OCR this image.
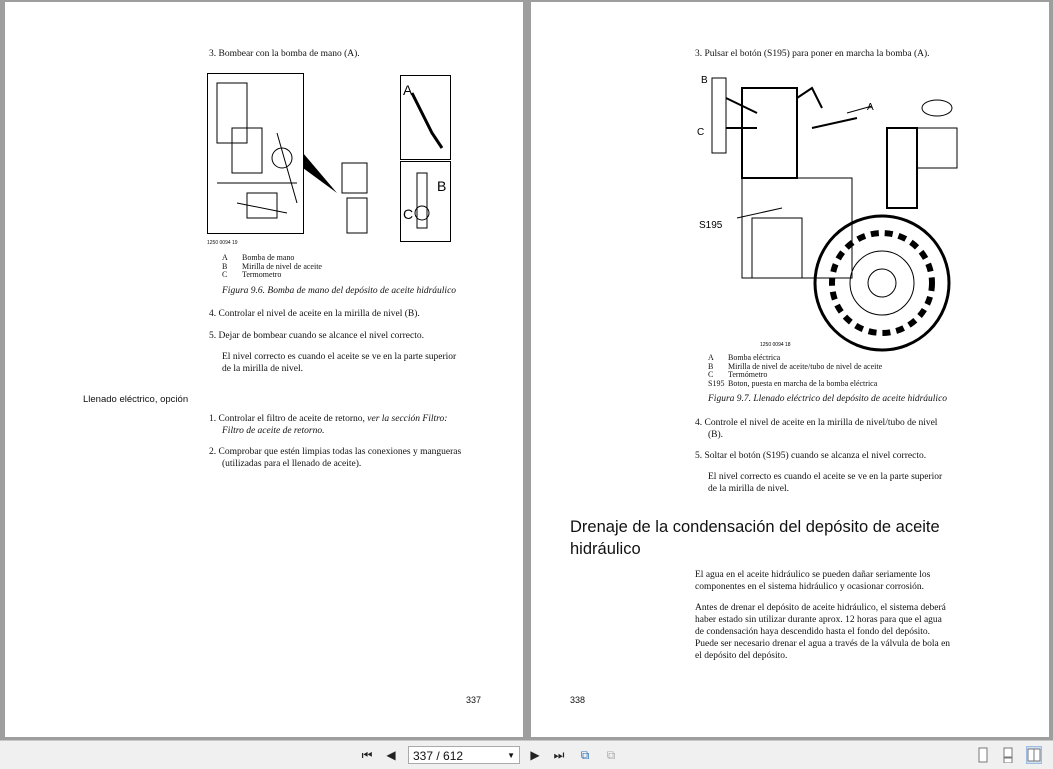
3. Bombear con la bomba de mano (A).
A
B
C
1250 0094 19
A Bomba de mano
B Mirilla de nivel de aceite
C Termometro
Figura 9.6. Bomba de mano del depósito de aceite hidráulico
4. Controlar el nivel de aceite en la mirilla de nivel (B).
5. Dejar de bombear cuando se alcance el nivel correcto.
El nivel correcto es cuando el aceite se ve en la parte superior
de la mirilla de nivel.
Llenado eléctrico, opción
1. Controlar el filtro de aceite de retorno, ver la sección Filtro:
Filtro de aceite de retorno.
2. Comprobar que estén limpias todas las conexiones y mangueras
(utilizadas para el llenado de aceite).
337
3. Pulsar el botón (S195) para poner en marcha la bomba (A).
B
C
A
S195
1250 0094 18
A Bomba eléctrica
B Mirilla de nivel de aceite/tubo de nivel de aceite
C Termómetro
S195 Boton, puesta en marcha de la bomba eléctrica
Figura 9.7. Llenado eléctrico del depósito de aceite hidráulico
4. Controle el nivel de aceite en la mirilla de nivel/tubo de nivel
(B).
5. Soltar el botón (S195) cuando se alcanza el nivel correcto.
El nivel correcto es cuando el aceite se ve en la parte superior
de la mirilla de nivel.
Drenaje de la condensación del depósito de aceite
hidráulico
El agua en el aceite hidráulico se pueden dañar seriamente los
componentes en el sistema hidráulico y ocasionar corrosión.
Antes de drenar el depósito de aceite hidráulico, el sistema deberá
haber estado sin utilizar durante aprox. 12 horas para que el agua
de condensación haya descendido hasta el fondo del depósito.
Puede ser necesario drenar el agua a través de la válvula de bola en
el depósito del depósito.
338
⏮ ◀	337 / 612	▼ ▶ ⏭	⧉	⧉
